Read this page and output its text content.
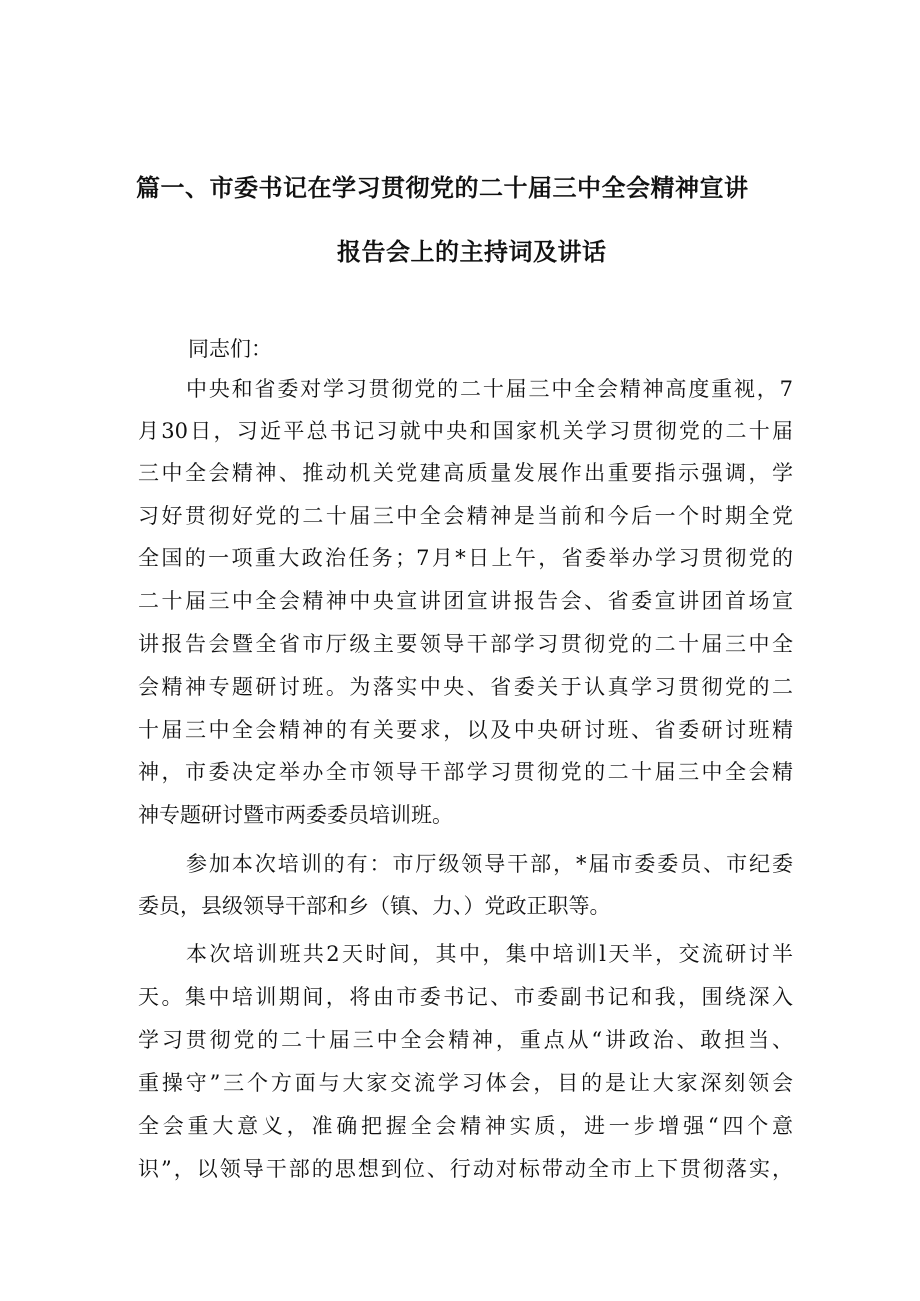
篇一、市委书记在学习贯彻党的二十届三中全会精神宣讲
报告会上的主持词及讲话
同志们：
中央和省委对学习贯彻党的二十届三中全会精神高度重视，7
月30日，习近平总书记习就中央和国家机关学习贯彻党的二十届
三中全会精神、推动机关党建高质量发展作出重要指示强调，学
习好贯彻好党的二十届三中全会精神是当前和今后一个时期全党
全国的一项重大政治任务；7月*日上午，省委举办学习贯彻党的
二十届三中全会精神中央宣讲团宣讲报告会、省委宣讲团首场宣
讲报告会暨全省市厅级主要领导干部学习贯彻党的二十届三中全
会精神专题研讨班。为落实中央、省委关于认真学习贯彻党的二
十届三中全会精神的有关要求，以及中央研讨班、省委研讨班精
神，市委决定举办全市领导干部学习贯彻党的二十届三中全会精
神专题研讨暨市两委委员培训班。
参加本次培训的有：市厅级领导干部，*届市委委员、市纪委
委员，县级领导干部和乡（镇、力、）党政正职等。
本次培训班共2天时间，其中，集中培训l天半，交流研讨半
天。集中培训期间，将由市委书记、市委副书记和我，围绕深入
学习贯彻党的二十届三中全会精神，重点从“讲政治、敢担当、
重操守”三个方面与大家交流学习体会，目的是让大家深刻领会
全会重大意义，准确把握全会精神实质，进一步增强“四个意
识”，以领导干部的思想到位、行动对标带动全市上下贯彻落实，
